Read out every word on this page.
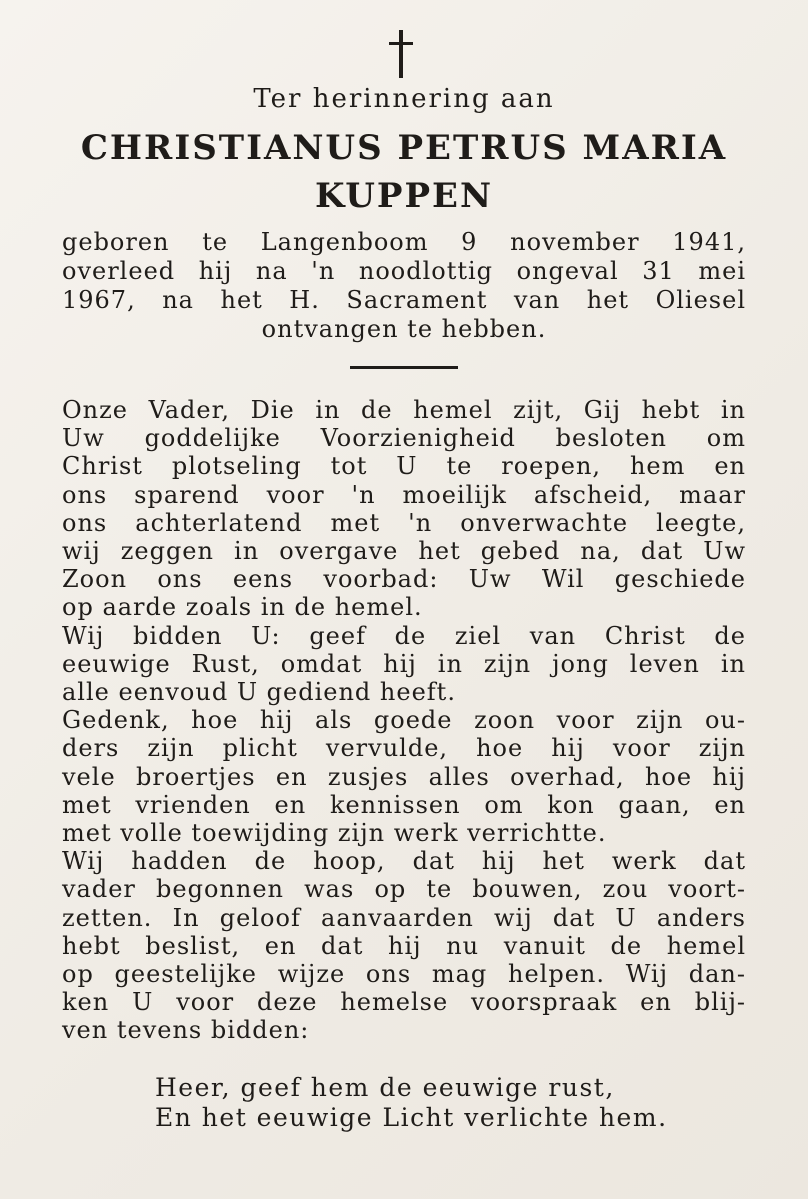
Ter herinnering aan
CHRISTIANUS PETRUS MARIA
KUPPEN
geboren te Langenboom 9 november 1941,
overleed hij na 'n noodlottig ongeval 31 mei
1967, na het H. Sacrament van het Oliesel
ontvangen te hebben.
Onze Vader, Die in de hemel zijt, Gij hebt in
Uw goddelijke Voorzienigheid besloten om
Christ plotseling tot U te roepen, hem en
ons sparend voor 'n moeilijk afscheid, maar
ons achterlatend met 'n onverwachte leegte,
wij zeggen in overgave het gebed na, dat Uw
Zoon ons eens voorbad: Uw Wil geschiede
op aarde zoals in de hemel.
Wij bidden U: geef de ziel van Christ de
eeuwige Rust, omdat hij in zijn jong leven in
alle eenvoud U gediend heeft.
Gedenk, hoe hij als goede zoon voor zijn ou-
ders zijn plicht vervulde, hoe hij voor zijn
vele broertjes en zusjes alles overhad, hoe hij
met vrienden en kennissen om kon gaan, en
met volle toewijding zijn werk verrichtte.
Wij hadden de hoop, dat hij het werk dat
vader begonnen was op te bouwen, zou voort-
zetten. In geloof aanvaarden wij dat U anders
hebt beslist, en dat hij nu vanuit de hemel
op geestelijke wijze ons mag helpen. Wij dan-
ken U voor deze hemelse voorspraak en blij-
ven tevens bidden:
Heer, geef hem de eeuwige rust,
En het eeuwige Licht verlichte hem.
